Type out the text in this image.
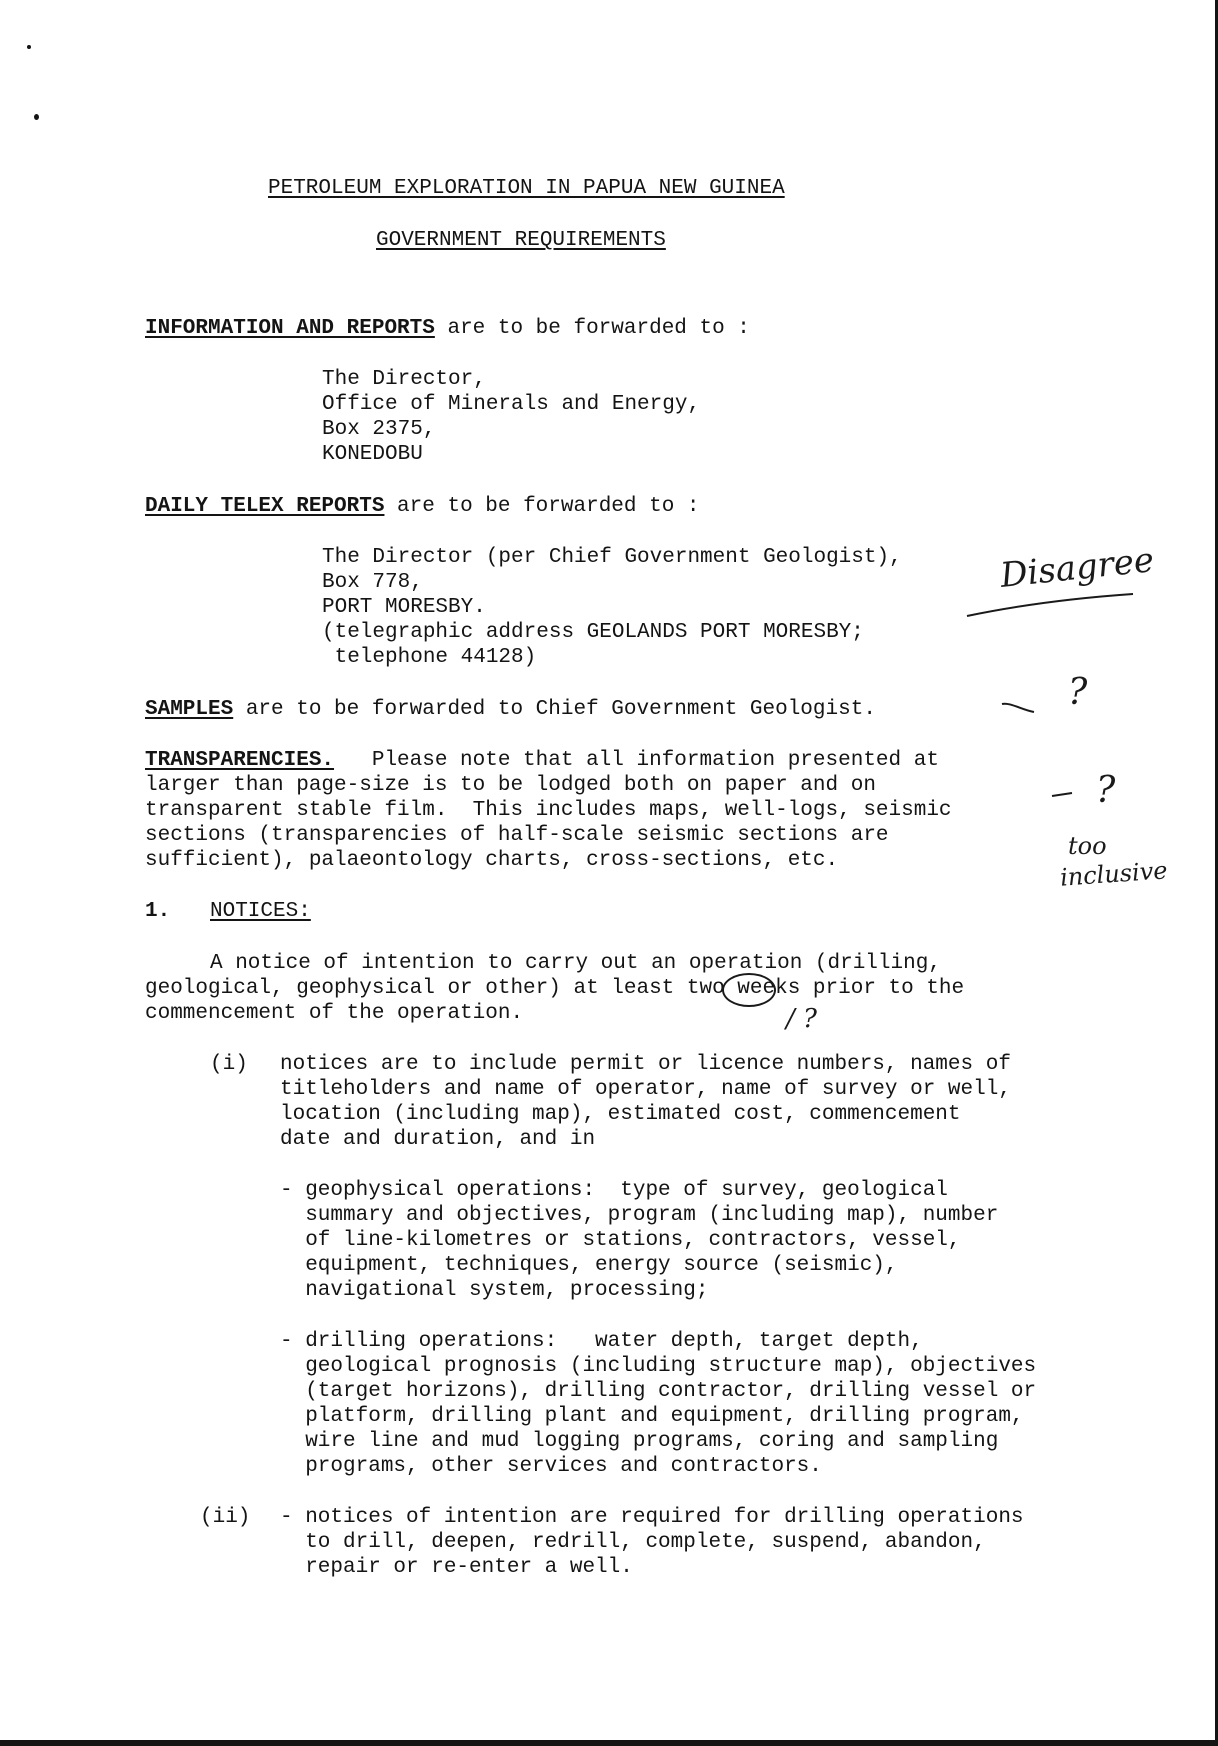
PETROLEUM EXPLORATION IN PAPUA NEW GUINEA
GOVERNMENT REQUIREMENTS
INFORMATION AND REPORTS are to be forwarded to :
The Director,
Office of Minerals and Energy,
Box 2375,
KONEDOBU
DAILY TELEX REPORTS are to be forwarded to :
The Director (per Chief Government Geologist),
Box 778,
PORT MORESBY.
(telegraphic address GEOLANDS PORT MORESBY;
telephone 44128)
SAMPLES are to be forwarded to Chief Government Geologist.
TRANSPARENCIES.   Please note that all information presented at
larger than page-size is to be lodged both on paper and on
transparent stable film.  This includes maps, well-logs, seismic
sections (transparencies of half-scale seismic sections are
sufficient), palaeontology charts, cross-sections, etc.
1. NOTICES:
A notice of intention to carry out an operation (drilling,
geological, geophysical or other) at least two weeks prior to the
commencement of the operation.
(i) notices are to include permit or licence numbers, names of
titleholders and name of operator, name of survey or well,
location (including map), estimated cost, commencement
date and duration, and in
- geophysical operations:  type of survey, geological
summary and objectives, program (including map), number
of line-kilometres or stations, contractors, vessel,
equipment, techniques, energy source (seismic),
navigational system, processing;
- drilling operations:   water depth, target depth,
geological prognosis (including structure map), objectives
(target horizons), drilling contractor, drilling vessel or
platform, drilling plant and equipment, drilling program,
wire line and mud logging programs, coring and sampling
programs, other services and contractors.
(ii) - notices of intention are required for drilling operations
to drill, deepen, redrill, complete, suspend, abandon,
repair or re-enter a well.
Disagree
?
?
too
inclusive
/ ?
